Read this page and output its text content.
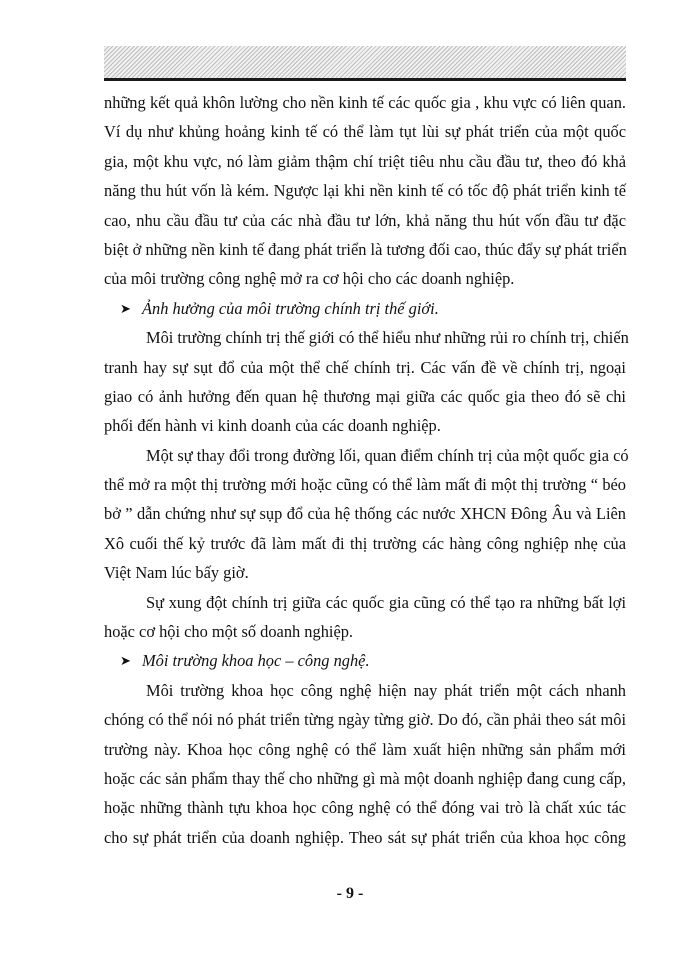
những kết quả khôn lường cho nền kinh tế các quốc gia , khu vực có liên quan.
Ví dụ như khủng hoảng kinh tế có thể làm tụt lùi sự phát triển của một quốc
gia, một khu vực, nó làm giảm thậm chí triệt tiêu nhu cầu đầu tư, theo đó khả
năng thu hút vốn là kém. Ngược lại khi nền kinh tế có tốc độ phát triển kinh tế
cao, nhu cầu đầu tư của các nhà đầu tư lớn, khả năng thu hút vốn đầu tư đặc
biệt ở những nền kinh tế đang phát triển là tương đối cao, thúc đẩy sự phát triển
của môi trường công nghệ mở ra cơ hội cho các doanh nghiệp.
➤ Ảnh hưởng của môi trường chính trị thế giới.
Môi trường chính trị thế giới có thể hiểu như những rủi ro chính trị, chiến
tranh hay sự sụt đổ của một thể chế chính trị. Các vấn đề về chính trị, ngoại
giao có ảnh hưởng đến quan hệ thương mại giữa các quốc gia theo đó sẽ chi
phối đến hành vi kinh doanh của các doanh nghiệp.
Một sự thay đổi trong đường lối, quan điểm chính trị của một quốc gia có
thể mở ra một thị trường mới hoặc cũng có thể làm mất đi một thị trường “ béo
bở ” dẫn chứng như sự sụp đổ của hệ thống các nước XHCN Đông Âu và Liên
Xô cuối thế kỷ trước đã làm mất đi thị trường các hàng công nghiệp nhẹ của
Việt Nam lúc bấy giờ.
Sự xung đột chính trị giữa các quốc gia cũng có thể tạo ra những bất lợi
hoặc cơ hội cho một số doanh nghiệp.
➤ Môi trường khoa học – công nghệ.
Môi trường khoa học công nghệ hiện nay phát triển một cách nhanh
chóng có thể nói nó phát triển từng ngày từng giờ. Do đó, cần phải theo sát môi
trường này. Khoa học công nghệ có thể làm xuất hiện những sản phẩm mới
hoặc các sản phẩm thay thế cho những gì mà một doanh nghiệp đang cung cấp,
hoặc những thành tựu khoa học công nghệ có thể đóng vai trò là chất xúc tác
cho sự phát triển của doanh nghiệp. Theo sát sự phát triển của khoa học công
- 9 -
